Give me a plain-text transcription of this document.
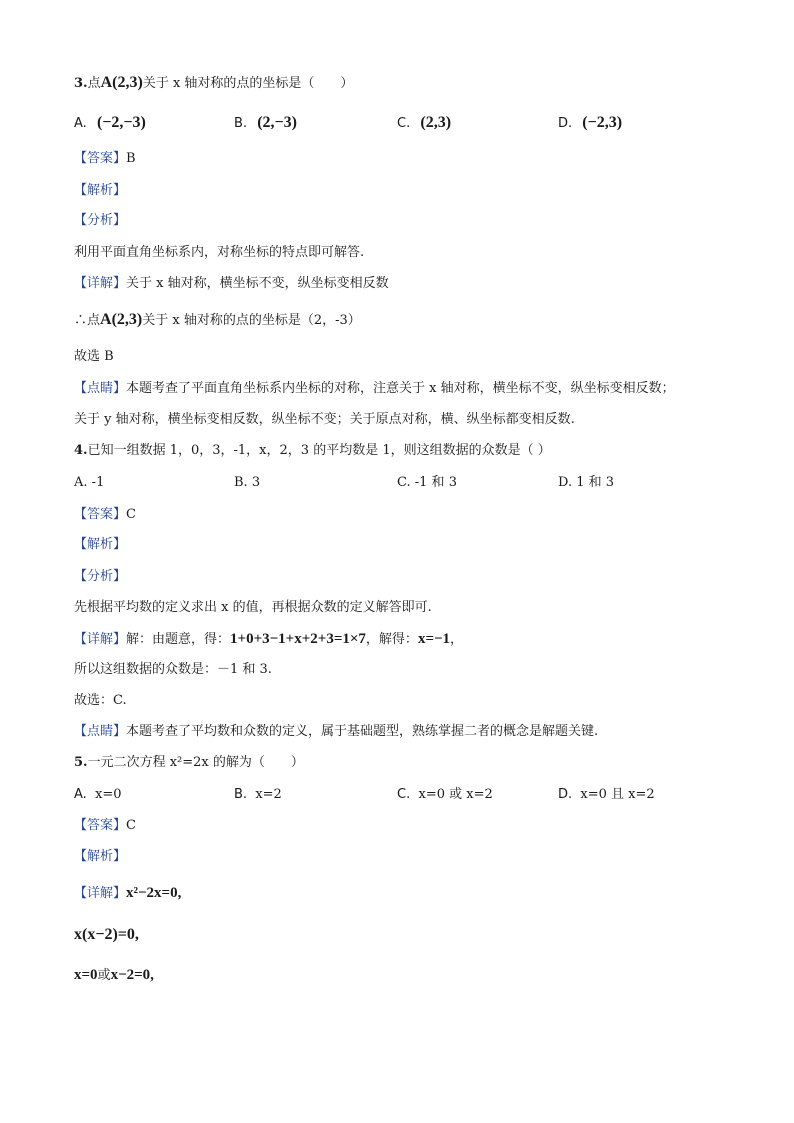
3.点A(2,3)关于 x 轴对称的点的坐标是（　　）
A. (−2,−3)	B. (2,−3)	C. (2,3)	D. (−2,3)
【答案】B
【解析】
【分析】
利用平面直角坐标系内，对称坐标的特点即可解答.
【详解】关于 x 轴对称，横坐标不变，纵坐标变相反数
∴点A(2,3)关于 x 轴对称的点的坐标是（2，-3）
故选 B
【点睛】本题考查了平面直角坐标系内坐标的对称，注意关于 x 轴对称，横坐标不变，纵坐标变相反数；
关于 y 轴对称，横坐标变相反数，纵坐标不变；关于原点对称，横、纵坐标都变相反数.
4.已知一组数据 1，0，3，-1，x，2，3 的平均数是 1，则这组数据的众数是（ ）
A. -1	B. 3	C. -1 和 3	D. 1 和 3
【答案】C
【解析】
【分析】
先根据平均数的定义求出 x 的值，再根据众数的定义解答即可.
【详解】解：由题意，得：1+0+3−1+x+2+3=1×7，解得：x=−1，
所以这组数据的众数是：－1 和 3.
故选：C.
【点睛】本题考查了平均数和众数的定义，属于基础题型，熟练掌握二者的概念是解题关键.
5.一元二次方程 x²=2x 的解为（　　）
A. x=0	B. x=2	C. x=0 或 x=2	D. x=0 且 x=2
【答案】C
【解析】
【详解】x²−2x=0,
x(x−2)=0,
x=0或x−2=0,
